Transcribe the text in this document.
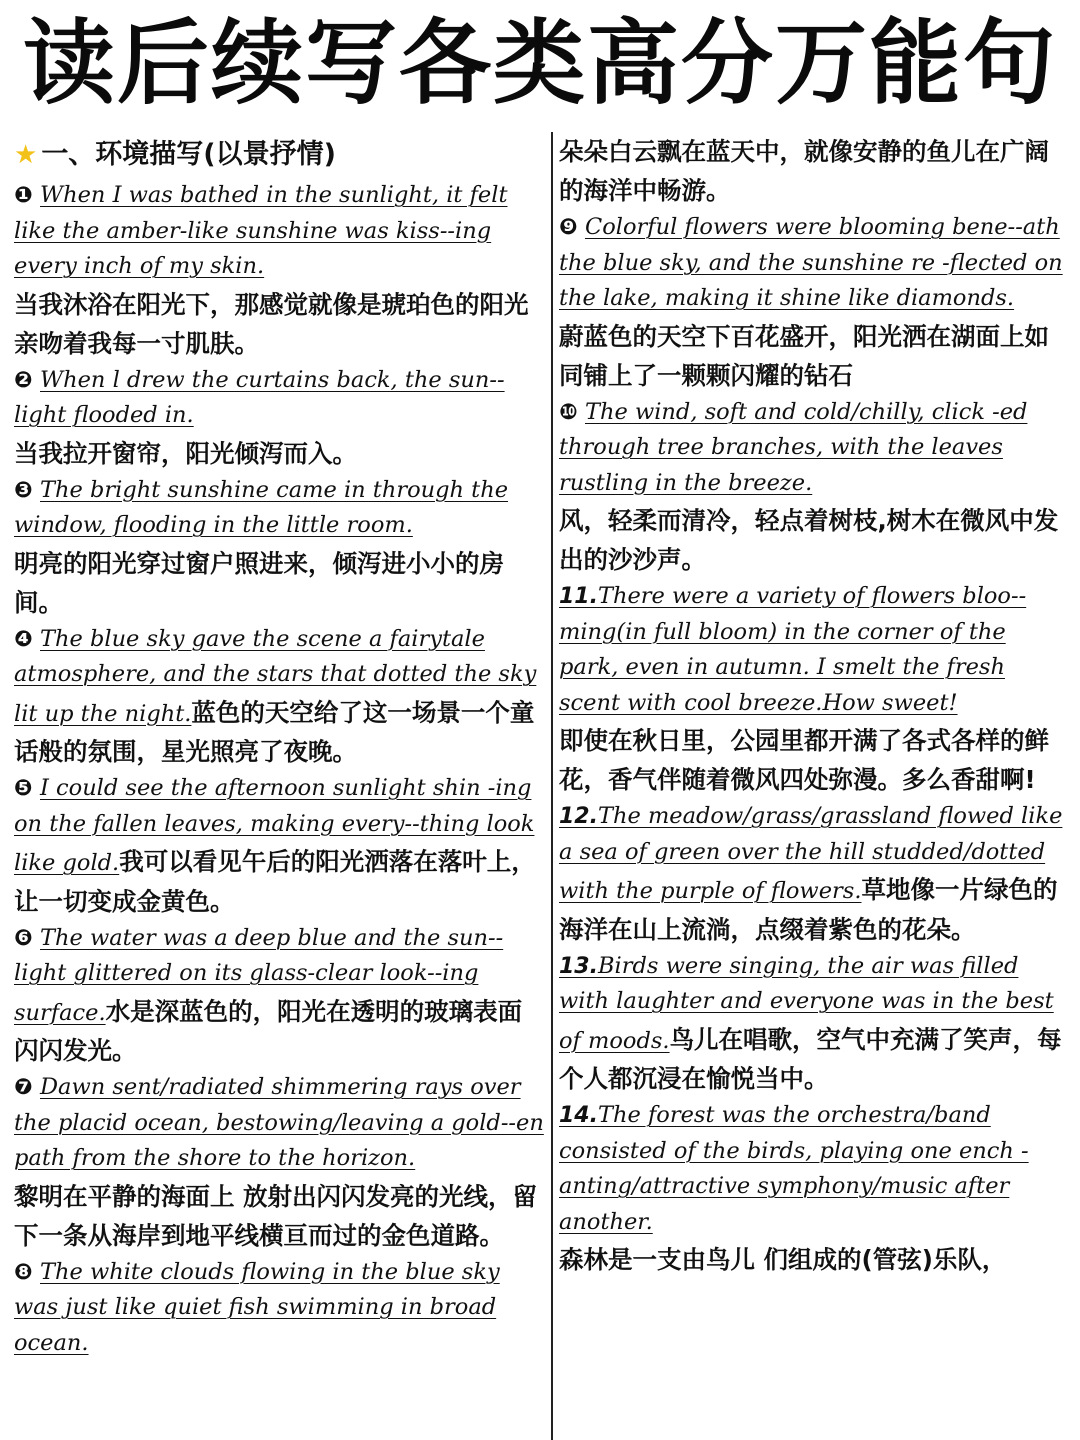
读后续写各类高分万能句
★ 一、环境描写(以景抒情)
❶ When I was bathed in the sunlight, it felt like the amber-like sunshine was kiss--ing every inch of my skin.
当我沐浴在阳光下，那感觉就像是琥珀色的阳光亲吻着我每一寸肌肤。
❷ When l drew the curtains back, the sun--light flooded in.
当我拉开窗帘，阳光倾泻而入。
❸ The bright sunshine came in through the window, flooding in the little room.
明亮的阳光穿过窗户照进来，倾泻进小小的房间。
❹ The blue sky gave the scene a fairytale atmosphere, and the stars that dotted the sky lit up the night.蓝色的天空给了这一场景一个童话般的氛围，星光照亮了夜晚。
❺ I could see the afternoon sunlight shin -ing on the fallen leaves, making every--thing look like gold.我可以看见午后的阳光洒落在落叶上，让一切变成金黄色。
❻ The water was a deep blue and the sun--light glittered on its glass-clear look--ing surface.水是深蓝色的，阳光在透明的玻璃表面闪闪发光。
❼ Dawn sent/radiated shimmering rays over the placid ocean, bestowing/leaving a gold--en path from the shore to the horizon.
黎明在平静的海面上 放射出闪闪发亮的光线，留下一条从海岸到地平线横亘而过的金色道路。
❽ The white clouds flowing in the blue sky was just like quiet fish swimming in broad ocean.
朵朵白云飘在蓝天中，就像安静的鱼儿在广阔的海洋中畅游。
❾ Colorful flowers were blooming bene--ath the blue sky, and the sunshine re -flected on the lake, making it shine like diamonds.
蔚蓝色的天空下百花盛开，阳光洒在湖面上如同铺上了一颗颗闪耀的钻石
❿ The wind, soft and cold/chilly, click -ed through tree branches, with the leaves rustling in the breeze.
风，轻柔而清冷，轻点着树枝,树木在微风中发出的沙沙声。
11.There were a variety of flowers bloo--ming(in full bloom) in the corner of the park, even in autumn. I smelt the fresh scent with cool breeze.How sweet!
即使在秋日里，公园里都开满了各式各样的鲜花，香气伴随着微风四处弥漫。多么香甜啊!
12.The meadow/grass/grassland flowed like a sea of green over the hill studded/dotted with the purple of flowers.草地像一片绿色的海洋在山上流淌，点缀着紫色的花朵。
13.Birds were singing, the air was filled with laughter and everyone was in the best of moods.鸟儿在唱歌，空气中充满了笑声，每个人都沉浸在愉悦当中。
14.The forest was the orchestra/band consisted of the birds, playing one ench -anting/attractive symphony/music after another.
森林是一支由鸟儿 们组成的(管弦)乐队，
